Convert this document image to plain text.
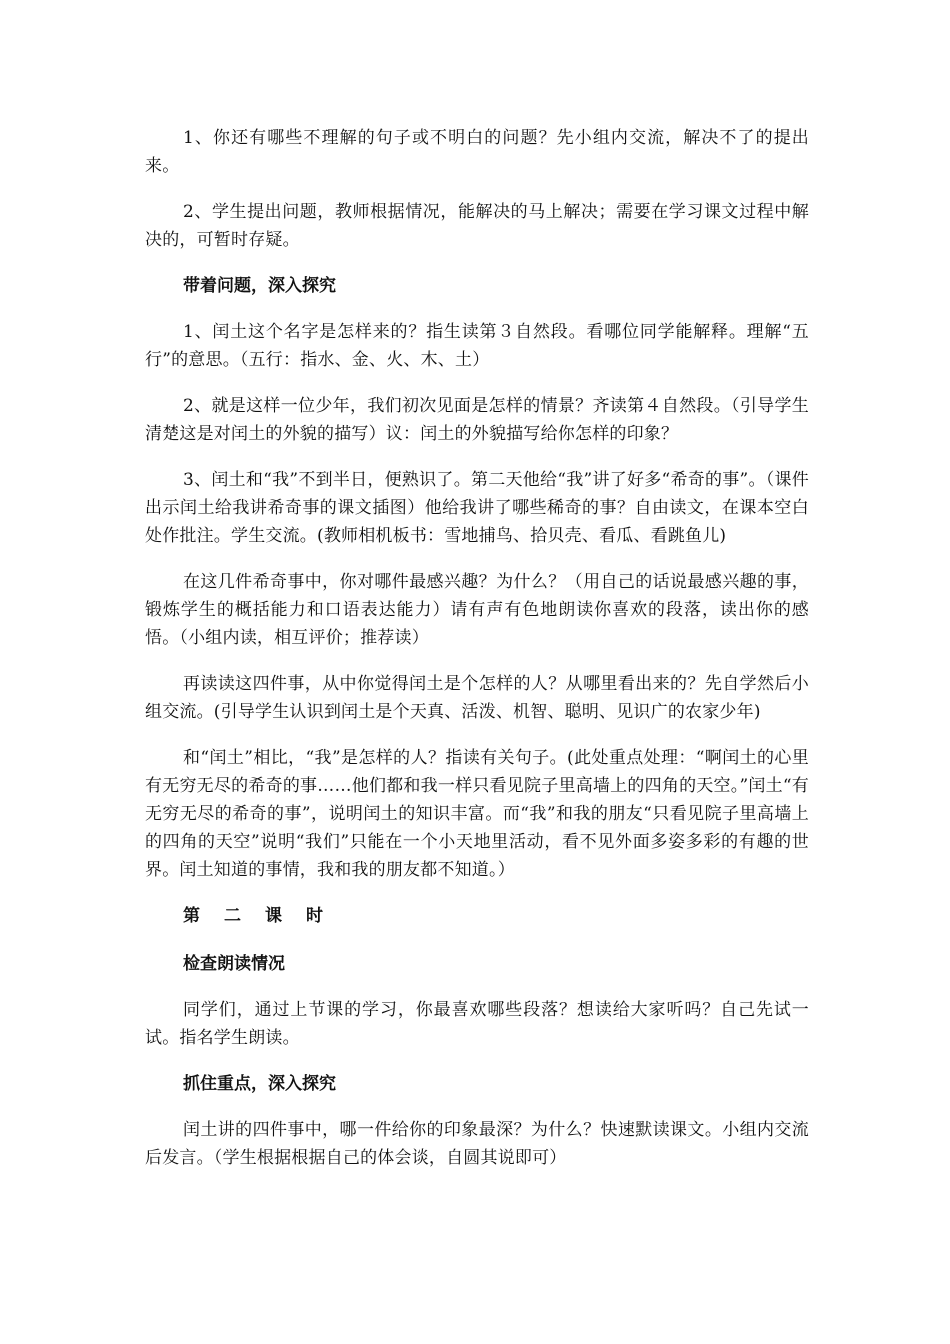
1、你还有哪些不理解的句子或不明白的问题？先小组内交流，解决不了的提出来。

2、学生提出问题，教师根据情况，能解决的马上解决；需要在学习课文过程中解决的，可暂时存疑。

带着问题，深入探究

1、闰土这个名字是怎样来的？指生读第３自然段。看哪位同学能解释。理解“五行”的意思。（五行：指水、金、火、木、土）

2、就是这样一位少年，我们初次见面是怎样的情景？齐读第４自然段。（引导学生清楚这是对闰土的外貌的描写）议：闰土的外貌描写给你怎样的印象？

3、闰土和“我”不到半日，便熟识了。第二天他给“我”讲了好多“希奇的事”。（课件出示闰土给我讲希奇事的课文插图）他给我讲了哪些稀奇的事？自由读文，在课本空白处作批注。学生交流。(教师相机板书：雪地捕鸟、拾贝壳、看瓜、看跳鱼儿)

在这几件希奇事中，你对哪件最感兴趣？为什么？（用自己的话说最感兴趣的事，锻炼学生的概括能力和口语表达能力）请有声有色地朗读你喜欢的段落，读出你的感悟。（小组内读，相互评价；推荐读）

再读读这四件事，从中你觉得闰土是个怎样的人？从哪里看出来的？先自学然后小组交流。(引导学生认识到闰土是个天真、活泼、机智、聪明、见识广的农家少年)

和“闰土”相比，“我”是怎样的人？指读有关句子。(此处重点处理：“啊闰土的心里有无穷无尽的希奇的事……他们都和我一样只看见院子里高墙上的四角的天空。”闰土“有无穷无尽的希奇的事”，说明闰土的知识丰富。而“我”和我的朋友“只看见院子里高墙上的四角的天空”说明“我们”只能在一个小天地里活动，看不见外面多姿多彩的有趣的世界。闰土知道的事情，我和我的朋友都不知道。）

第二课时
检查朗读情况

同学们，通过上节课的学习，你最喜欢哪些段落？想读给大家听吗？自己先试一试。指名学生朗读。

抓住重点，深入探究

闰土讲的四件事中，哪一件给你的印象最深？为什么？快速默读课文。小组内交流后发言。（学生根据根据自己的体会谈，自圆其说即可）
